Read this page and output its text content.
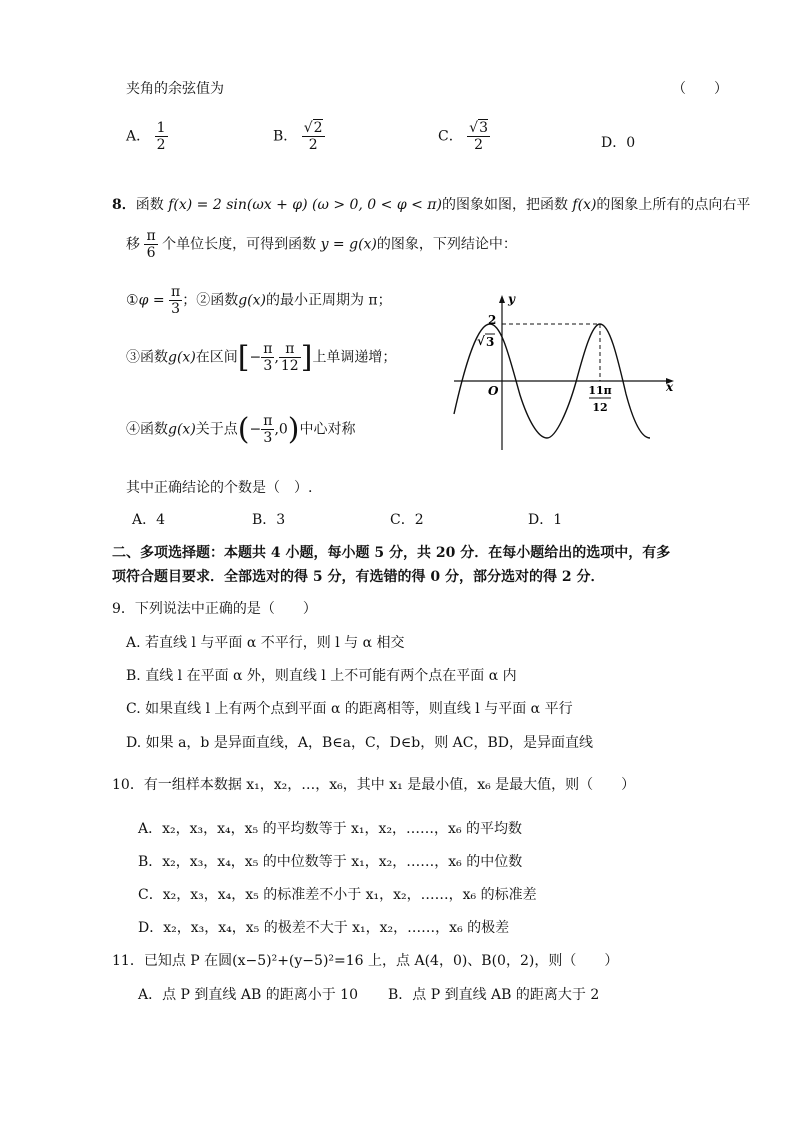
夹角的余弦值为	（　　）
A． $\frac{1}{2}$	B． $\frac{√2}{2}$	C． $\frac{√3}{2}$	D．0
8．函数 f(x) = 2 sin(ωx + φ) (ω > 0, 0 < φ < π)的图象如图，把函数 f(x)的图象上所有的点向右平
移 $\frac{\pi}{6}$ 个单位长度，可得到函数 y = g(x)的图象，下列结论中：
①φ = $\frac{\pi}{3}$ ；②函数g(x)的最小正周期为 π；
③函数g(x)在区间[− $\frac{\pi}{3}$ , $\frac{\pi}{12}$ ]上单调递增；
④函数g(x)关于点(− $\frac{\pi}{3} ,0$)中心对称
y
x
O
2
√ 3
11π
12
其中正确结论的个数是（　）.
A．4	B．3	C．2	D．1
二、多项选择题：本题共 4 小题，每小题 5 分，共 20 分．在每小题给出的选项中，有多
项符合题目要求．全部选对的得 5 分，有选错的得 0 分，部分选对的得 2 分．
9．下列说法中正确的是（　　）
A. 若直线 l 与平面 α 不平行，则 l 与 α 相交
B. 直线 l 在平面 α 外，则直线 l 上不可能有两个点在平面 α 内
C. 如果直线 l 上有两个点到平面 α 的距离相等，则直线 l 与平面 α 平行
D. 如果 a，b 是异面直线，A，B∈a，C，D∈b，则 AC，BD，是异面直线
10．有一组样本数据 x₁，x₂，…，x₆，其中 x₁ 是最小值，x₆ 是最大值，则（　　）
A．x₂，x₃，x₄，x₅ 的平均数等于 x₁，x₂，……，x₆ 的平均数
B．x₂，x₃，x₄，x₅ 的中位数等于 x₁，x₂，……，x₆ 的中位数
C．x₂，x₃，x₄，x₅ 的标准差不小于 x₁，x₂，……，x₆ 的标准差
D．x₂，x₃，x₄，x₅ 的极差不大于 x₁，x₂，……，x₆ 的极差
11．已知点 P 在圆(x−5)²+(y−5)²=16 上，点 A(4，0)、B(0，2)，则（　　）
A．点 P 到直线 AB 的距离小于 10 B．点 P 到直线 AB 的距离大于 2
